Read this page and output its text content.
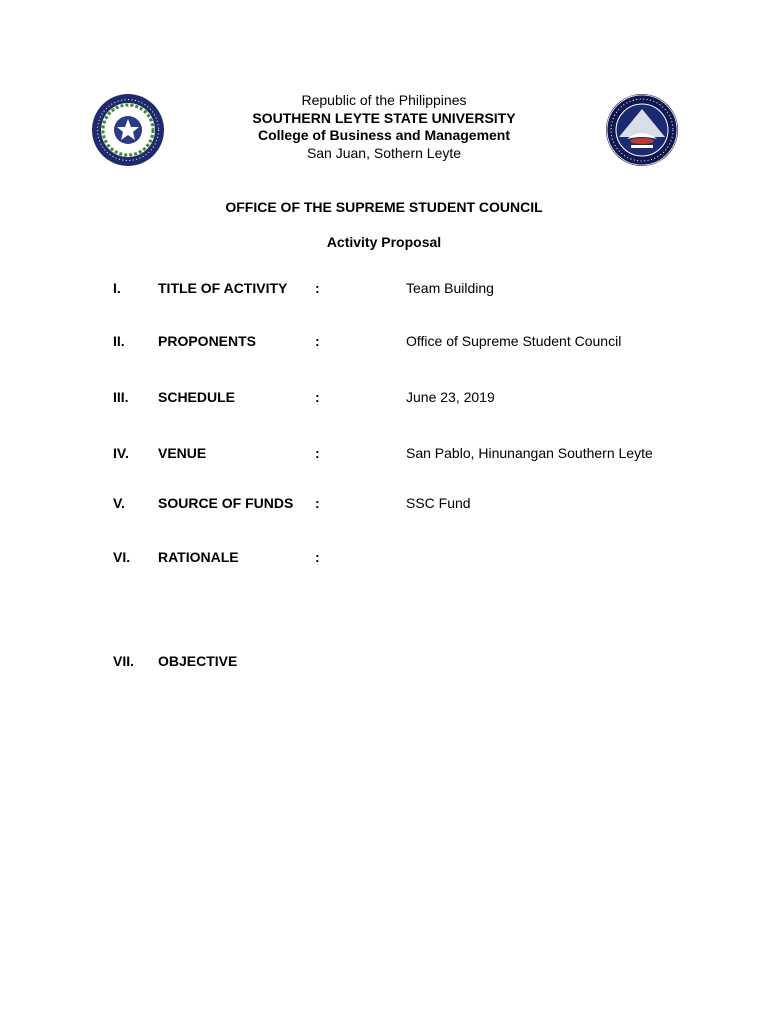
Republic of the Philippines
SOUTHERN LEYTE STATE UNIVERSITY
College of Business and Management
San Juan, Sothern Leyte
OFFICE OF THE SUPREME STUDENT COUNCIL
Activity Proposal
I.	TITLE OF ACTIVITY :	Team Building
II. PROPONENTS	:	Office of Supreme Student Council
III. SCHEDULE	:	June 23, 2019
IV. VENUE	:	San Pablo, Hinunangan Southern Leyte
V. SOURCE OF FUNDS :	SSC Fund
VI. RATIONALE	:
VII. OBJECTIVE
